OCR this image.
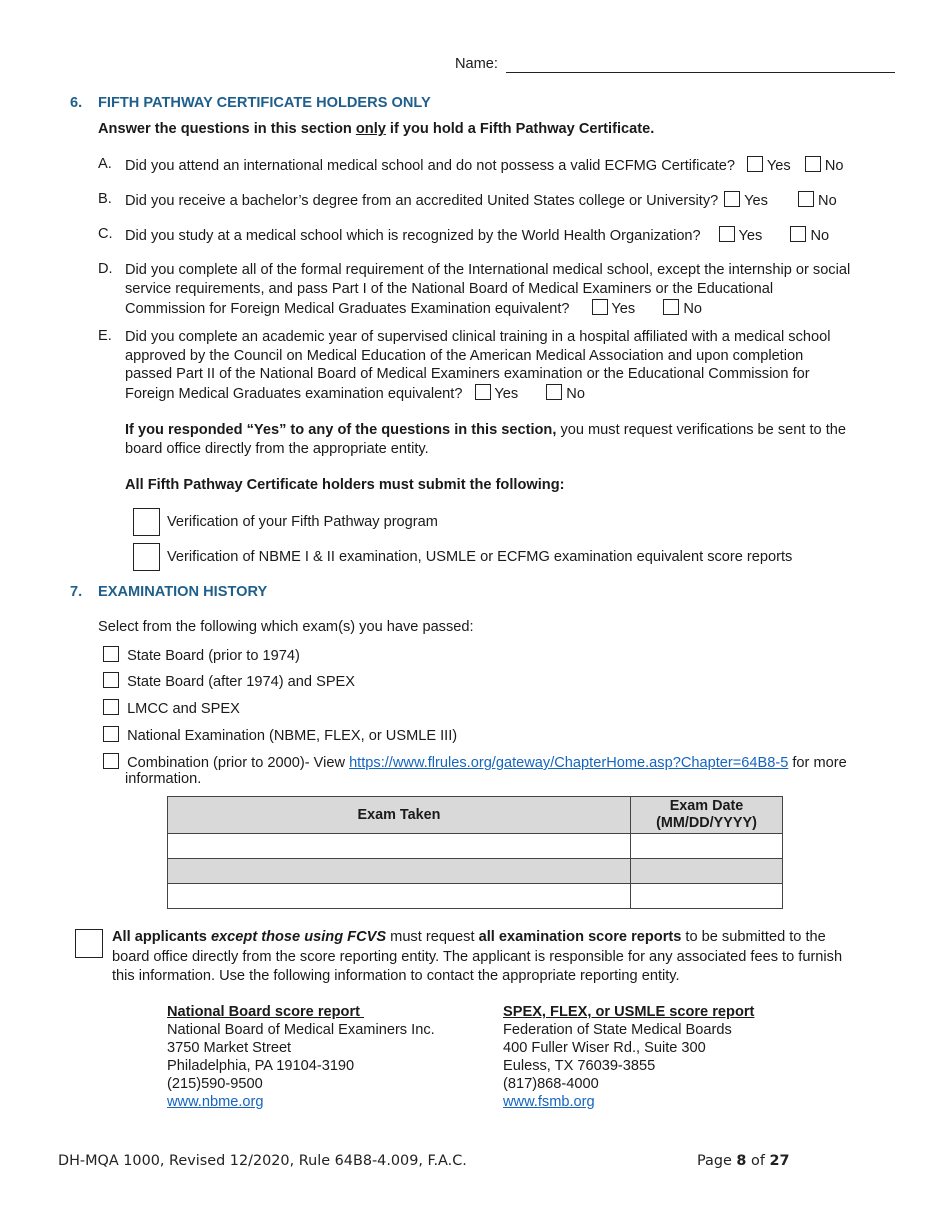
Name:
6. FIFTH PATHWAY CERTIFICATE HOLDERS ONLY
Answer the questions in this section only if you hold a Fifth Pathway Certificate.
A. Did you attend an international medical school and do not possess a valid ECFMG Certificate? Yes No
B. Did you receive a bachelor’s degree from an accredited United States college or University? Yes	No
C. Did you study at a medical school which is recognized by the World Health Organization?	Yes	No
D. Did you complete all of the formal requirement of the International medical school, except the internship or social
service requirements, and pass Part I of the National Board of Medical Examiners or the Educational
Commission for Foreign Medical Graduates Examination equivalent?	Yes	No
E. Did you complete an academic year of supervised clinical training in a hospital affiliated with a medical school
approved by the Council on Medical Education of the American Medical Association and upon completion
passed Part II of the National Board of Medical Examiners examination or the Educational Commission for
Foreign Medical Graduates examination equivalent? Yes	No
If you responded “Yes” to any of the questions in this section, you must request verifications be sent to the
board office directly from the appropriate entity.
All Fifth Pathway Certificate holders must submit the following:
Verification of your Fifth Pathway program
Verification of NBME I & II examination, USMLE or ECFMG examination equivalent score reports
7. EXAMINATION HISTORY
Select from the following which exam(s) you have passed:
State Board (prior to 1974)
State Board (after 1974) and SPEX
LMCC and SPEX
National Examination (NBME, FLEX, or USMLE III)
Combination (prior to 2000)- View https://www.flrules.org/gateway/ChapterHome.asp?Chapter=64B8-5 for more
information.
Exam Taken	Exam Date
(MM/DD/YYYY)

All applicants except those using FCVS must request all examination score reports to be submitted to the
board office directly from the score reporting entity. The applicant is responsible for any associated fees to furnish
this information. Use the following information to contact the appropriate reporting entity.
National Board score report
National Board of Medical Examiners Inc.
3750 Market Street
Philadelphia, PA 19104-3190
(215)590-9500
www.nbme.org
SPEX, FLEX, or USMLE score report
Federation of State Medical Boards
400 Fuller Wiser Rd., Suite 300
Euless, TX 76039-3855
(817)868-4000
www.fsmb.org
DH-MQA 1000, Revised 12/2020, Rule 64B8-4.009, F.A.C.	Page 8 of 27
